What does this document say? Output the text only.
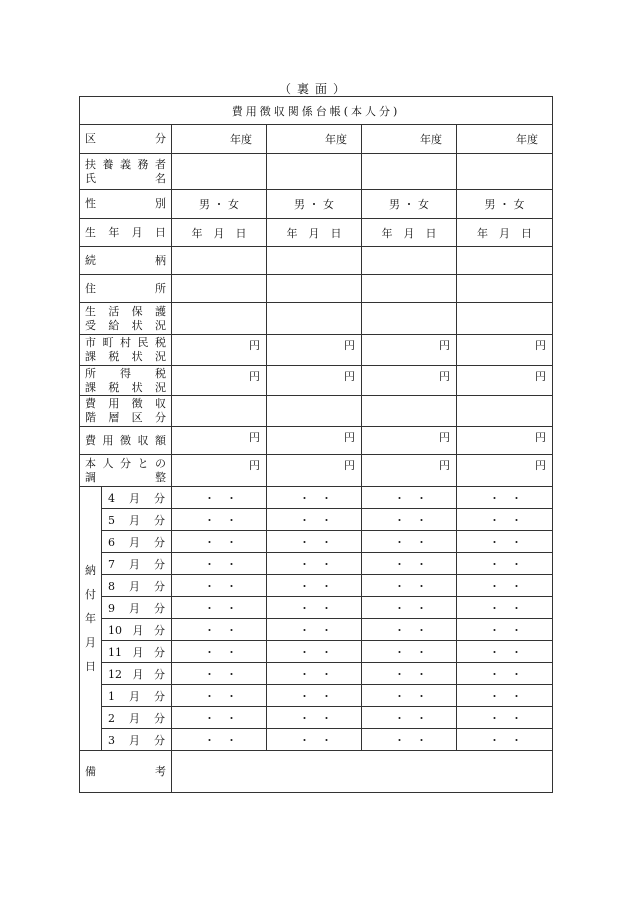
（裏面）
費用徴収関係台帳(本人分)					
区分		年度	年度	年度	年度

扶養義務者
氏名					

性別		男 ・ 女	男 ・ 女	男 ・ 女	男 ・ 女
生年月日		年　月　日	年　月　日	年　月　日	年　月　日
続柄					
住所					

生活保護
受給状況					

市町村民税
課税状況		円	円	円	円

所得税
課税状況		円	円	円	円

費用徴収
階層区分					

費用徴収額		円	円	円	円

本人分との
調整		円	円	円	円

納
付
年
月
日	4月分	・　・	・　・	・　・	・　・
	5月分	・　・	・　・	・　・	・　・
	6月分	・　・	・　・	・　・	・　・
	7月分	・　・	・　・	・　・	・　・
	8月分	・　・	・　・	・　・	・　・
	9月分	・　・	・　・	・　・	・　・
	10月分	・　・	・　・	・　・	・　・
	11月分	・　・	・　・	・　・	・　・
	12月分	・　・	・　・	・　・	・　・
	1月分	・　・	・　・	・　・	・　・
	2月分	・　・	・　・	・　・	・　・
	3月分	・　・	・　・	・　・	・　・
備考					
